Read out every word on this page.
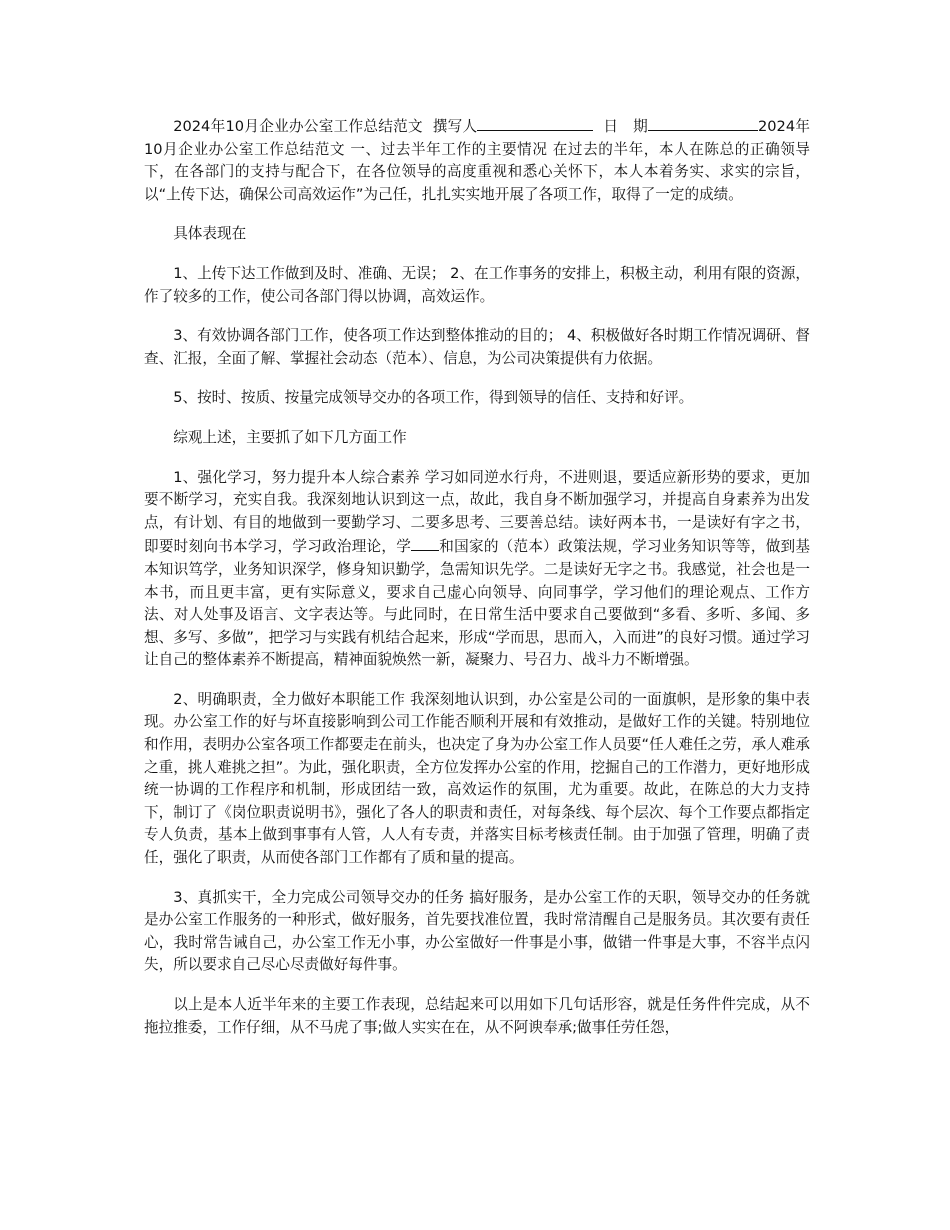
2024年10月企业办公室工作总结范文 撰写人	日　期	2024年10月企业办公室工作总结范文 一、过去半年工作的主要情况 在过去的半年，本人在陈总的正确领导下，在各部门的支持与配合下，在各位领导的高度重视和悉心关怀下，本人本着务实、求实的宗旨，以“上传下达，确保公司高效运作”为己任，扎扎实实地开展了各项工作，取得了一定的成绩。

具体表现在

1、上传下达工作做到及时、准确、无误； 2、在工作事务的安排上，积极主动，利用有限的资源，作了较多的工作，使公司各部门得以协调，高效运作。

3、有效协调各部门工作，使各项工作达到整体推动的目的； 4、积极做好各时期工作情况调研、督查、汇报，全面了解、掌握社会动态（范本）、信息，为公司决策提供有力依据。

5、按时、按质、按量完成领导交办的各项工作，得到领导的信任、支持和好评。

综观上述，主要抓了如下几方面工作

1、强化学习，努力提升本人综合素养 学习如同逆水行舟，不进则退，要适应新形势的要求，更加要不断学习，充实自我。我深刻地认识到这一点，故此，我自身不断加强学习，并提高自身素养为出发点，有计划、有目的地做到一要勤学习、二要多思考、三要善总结。读好两本书，一是读好有字之书，即要时刻向书本学习，学习政治理论，学 和国家的（范本）政策法规，学习业务知识等等，做到基本知识笃学，业务知识深学，修身知识勤学，急需知识先学。二是读好无字之书。我感觉，社会也是一本书，而且更丰富，更有实际意义，要求自己虚心向领导、向同事学，学习他们的理论观点、工作方法、对人处事及语言、文字表达等。与此同时，在日常生活中要求自己要做到“多看、多听、多闻、多想、多写、多做”，把学习与实践有机结合起来，形成“学而思，思而入，入而进”的良好习惯。通过学习让自己的整体素养不断提高，精神面貌焕然一新，凝聚力、号召力、战斗力不断增强。

2、明确职责，全力做好本职能工作 我深刻地认识到，办公室是公司的一面旗帜，是形象的集中表现。办公室工作的好与坏直接影响到公司工作能否顺利开展和有效推动，是做好工作的关键。特别地位和作用，表明办公室各项工作都要走在前头，也决定了身为办公室工作人员要“任人难任之劳，承人难承之重，挑人难挑之担”。为此，强化职责，全方位发挥办公室的作用，挖掘自己的工作潜力，更好地形成统一协调的工作程序和机制，形成团结一致，高效运作的氛围，尤为重要。故此，在陈总的大力支持下，制订了《岗位职责说明书》，强化了各人的职责和责任，对每条线、每个层次、每个工作要点都指定专人负责，基本上做到事事有人管，人人有专责，并落实目标考核责任制。由于加强了管理，明确了责任，强化了职责，从而使各部门工作都有了质和量的提高。

3、真抓实干，全力完成公司领导交办的任务 搞好服务，是办公室工作的天职，领导交办的任务就是办公室工作服务的一种形式，做好服务，首先要找准位置，我时常清醒自己是服务员。其次要有责任心，我时常告诫自己，办公室工作无小事，办公室做好一件事是小事，做错一件事是大事，不容半点闪失，所以要求自己尽心尽责做好每件事。

以上是本人近半年来的主要工作表现，总结起来可以用如下几句话形容，就是任务件件完成，从不拖拉推委，工作仔细，从不马虎了事;做人实实在在，从不阿谀奉承;做事任劳任怨，
